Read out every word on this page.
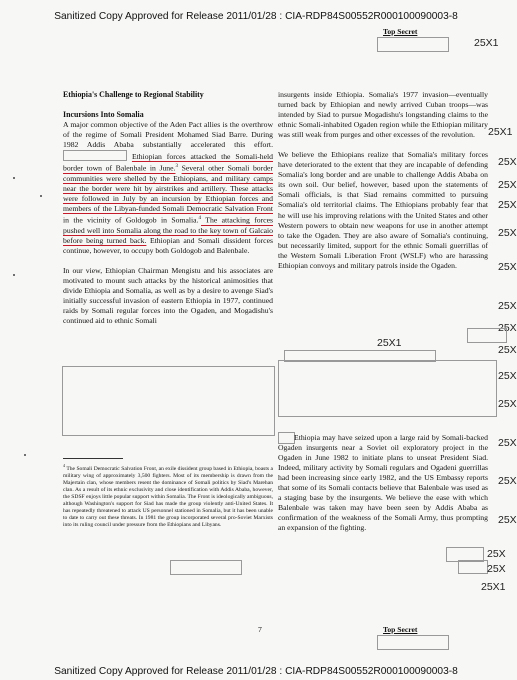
Sanitized Copy Approved for Release 2011/01/28 : CIA-RDP84S00552R000100090003-8
Top Secret
25X1
25X1
25X
25X
25X
25X
25X
25X
25X
25X1
25X
25X
25X
25X
25X
25X
25X
25X
25X1

Ethiopia's Challenge to Regional Stability

Incursions Into Somalia

A major common objective of the Aden Pact allies is the overthrow of the regime of Somali President Mohamed Siad Barre. During 1982 Addis Ababa substantially accelerated this effort.  Ethiopian forces attacked the Somali-held border town of Balenbale in June.$^3$ Several other Somali border communities were shelled by the Ethiopians, and military camps near the border were hit by airstrikes and artillery. These attacks were followed in July by an incursion by Ethiopian forces and members of the Libyan-funded Somali Democratic Salvation Front in the vicinity of Goldogob in Somalia.$^4$ The attacking forces pushed well into Somalia along the road to the key town of Galcaio before being turned back. Ethiopian and Somali dissident forces continue, however, to occupy both Goldogob and Balenbale.

In our view, Ethiopian Chairman Mengistu and his associates are motivated to mount such attacks by the historical animosities that divide Ethiopia and Somalia, as well as by a desire to avenge Siad's initially successful invasion of eastern Ethiopia in 1977, continued raids by Somali regular forces into the Ogaden, and Mogadishu's continued aid to ethnic Somali

$^4$ The Somali Democratic Salvation Front, an exile dissident group based in Ethiopia, boasts a military wing of approximately 3,500 fighters. Most of its membership is drawn from the Majertain clan, whose members resent the dominance of Somali politics by Siad's Marehan clan. As a result of its ethnic exclusivity and close identification with Addis Ababa, however, the SDSF enjoys little popular support within Somalia. The Front is ideologically ambiguous, although Washington's support for Siad has made the group violently anti-United States. It has repeatedly threatened to attack US personnel stationed in Somalia, but it has been unable to date to carry out these threats. In 1981 the group incorporated several pro-Soviet Marxists into its ruling council under pressure from the Ethiopians and Libyans.

insurgents inside Ethiopia. Somalia's 1977 invasion—eventually turned back by Ethiopian and newly arrived Cuban troops—was intended by Siad to pursue Mogadishu's longstanding claims to the ethnic Somali-inhabited Ogaden region while the Ethiopian military was still weak from purges and other excesses of the revolution.

We believe the Ethiopians realize that Somalia's military forces have deteriorated to the extent that they are incapable of defending Somalia's long border and are unable to challenge Addis Ababa on its own soil. Our belief, however, based upon the statements of Somali officials, is that Siad remains committed to pursuing Somalia's old territorial claims. The Ethiopians probably fear that he will use his improving relations with the United States and other Western powers to obtain new weapons for use in another attempt to take the Ogaden. They are also aware of Somalia's continuing, but necessarily limited, support for the ethnic Somali guerrillas of the Western Somali Liberation Front (WSLF) who are harassing Ethiopian convoys and military patrols inside the Ogaden.

Ethiopia may have seized upon a large raid by Somali-backed Ogaden insurgents near a Soviet oil exploratory project in the Ogaden in June 1982 to initiate plans to unseat President Siad. Indeed, military activity by Somali regulars and Ogadeni guerrillas had been increasing since early 1982, and the US Embassy reports that some of its Somali contacts believe that Balenbale was used as a staging base by the insurgents. We believe the ease with which Balenbale was taken may have been seen by Addis Ababa as confirmation of the weakness of the Somali Army, thus prompting an expansion of the fighting.

7	Top Secret
Sanitized Copy Approved for Release 2011/01/28 : CIA-RDP84S00552R000100090003-8
